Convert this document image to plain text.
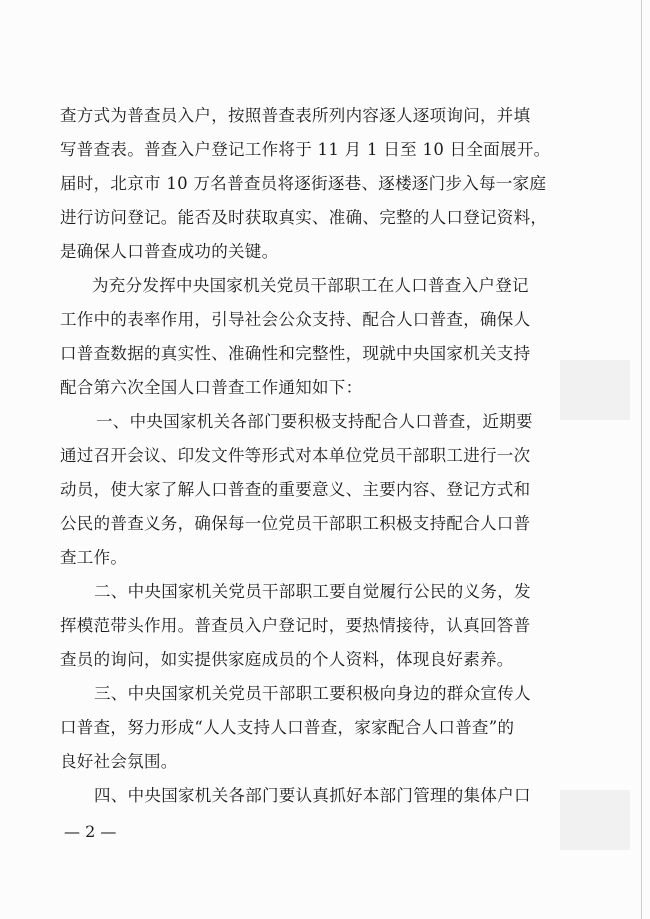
查方式为普查员入户，按照普查表所列内容逐人逐项询问，并填
写普查表。普查入户登记工作将于 11 月 1 日至 10 日全面展开。
届时，北京市 10 万名普查员将逐街逐巷、逐楼逐门步入每一家庭
进行访问登记。能否及时获取真实、准确、完整的人口登记资料，
是确保人口普查成功的关键。
为充分发挥中央国家机关党员干部职工在人口普查入户登记
工作中的表率作用，引导社会公众支持、配合人口普查，确保人
口普查数据的真实性、准确性和完整性，现就中央国家机关支持
配合第六次全国人口普查工作通知如下：
一、中央国家机关各部门要积极支持配合人口普查，近期要
通过召开会议、印发文件等形式对本单位党员干部职工进行一次
动员，使大家了解人口普查的重要意义、主要内容、登记方式和
公民的普查义务，确保每一位党员干部职工积极支持配合人口普
查工作。
二、中央国家机关党员干部职工要自觉履行公民的义务，发
挥模范带头作用。普查员入户登记时，要热情接待，认真回答普
查员的询问，如实提供家庭成员的个人资料，体现良好素养。
三、中央国家机关党员干部职工要积极向身边的群众宣传人
口普查，努力形成“人人支持人口普查，家家配合人口普查”的
良好社会氛围。
四、中央国家机关各部门要认真抓好本部门管理的集体户口
— 2 —
